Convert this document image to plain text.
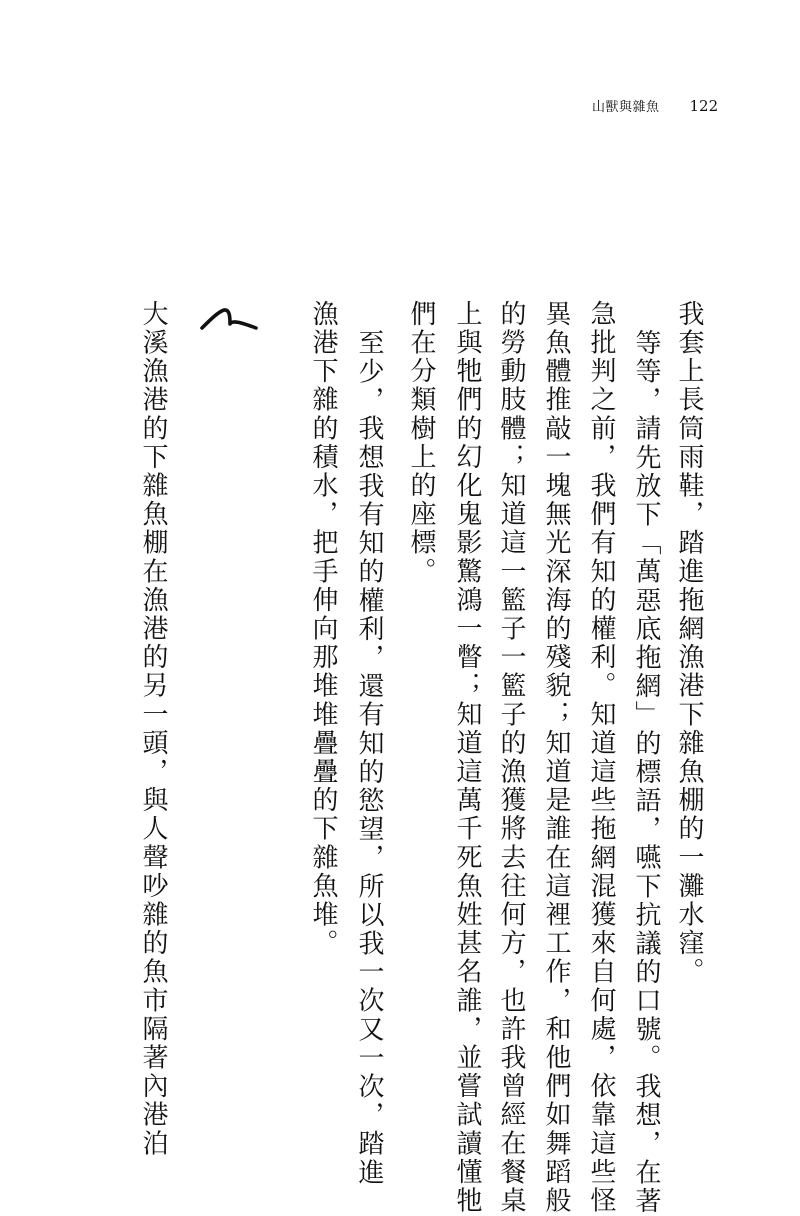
山獸與雜魚 122
我套上長筒雨鞋，踏進拖網漁港下雜魚棚的一灘水窪。
等等，請先放下「萬惡底拖網」的標語，嚥下抗議的口號。我想，在著
急批判之前，我們有知的權利。知道這些拖網混獲來自何處，依靠這些怪
異魚體推敲一塊無光深海的殘貌；知道是誰在這裡工作，和他們如舞蹈般
的勞動肢體；知道這一籃子一籃子的漁獲將去往何方，也許我曾經在餐桌
上與牠們的幻化鬼影驚鴻一瞥；知道這萬千死魚姓甚名誰，並嘗試讀懂牠
們在分類樹上的座標。
至少，我想我有知的權利，還有知的慾望，所以我一次又一次，踏進
漁港下雜的積水，把手伸向那堆堆疊疊的下雜魚堆。
大溪漁港的下雜魚棚在漁港的另一頭，與人聲吵雜的魚市隔著內港泊
